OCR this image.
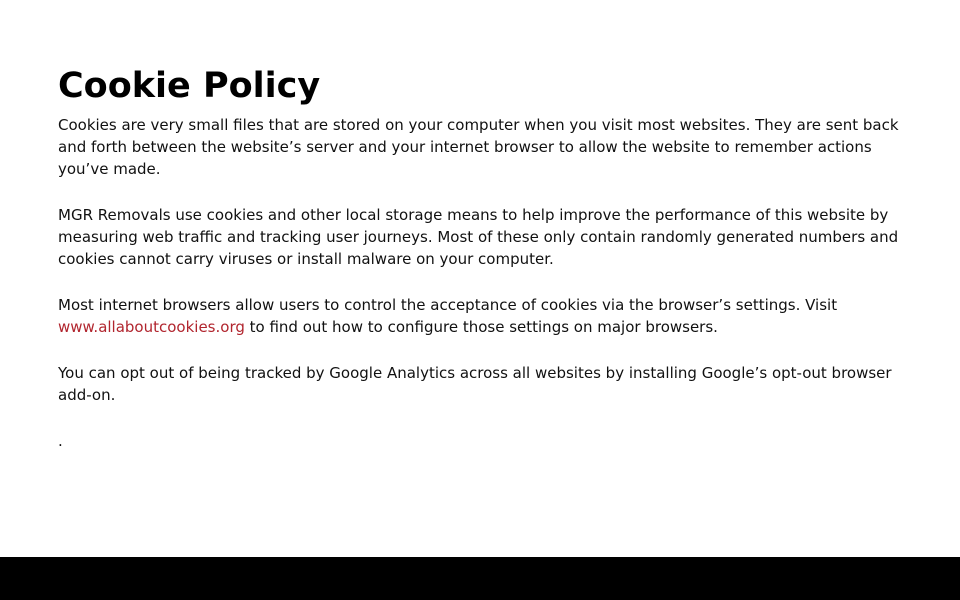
Cookie Policy

Cookies are very small files that are stored on your computer when you visit most websites. They are sent back and forth between the website’s server and your internet browser to allow the website to remember actions you’ve made.

MGR Removals use cookies and other local storage means to help improve the performance of this website by measuring web traffic and tracking user journeys. Most of these only contain randomly generated numbers and cookies cannot carry viruses or install malware on your computer.

Most internet browsers allow users to control the acceptance of cookies via the browser’s settings. Visit www.allaboutcookies.org to find out how to configure those settings on major browsers.

You can opt out of being tracked by Google Analytics across all websites by installing Google’s opt-out browser add-on.

.
